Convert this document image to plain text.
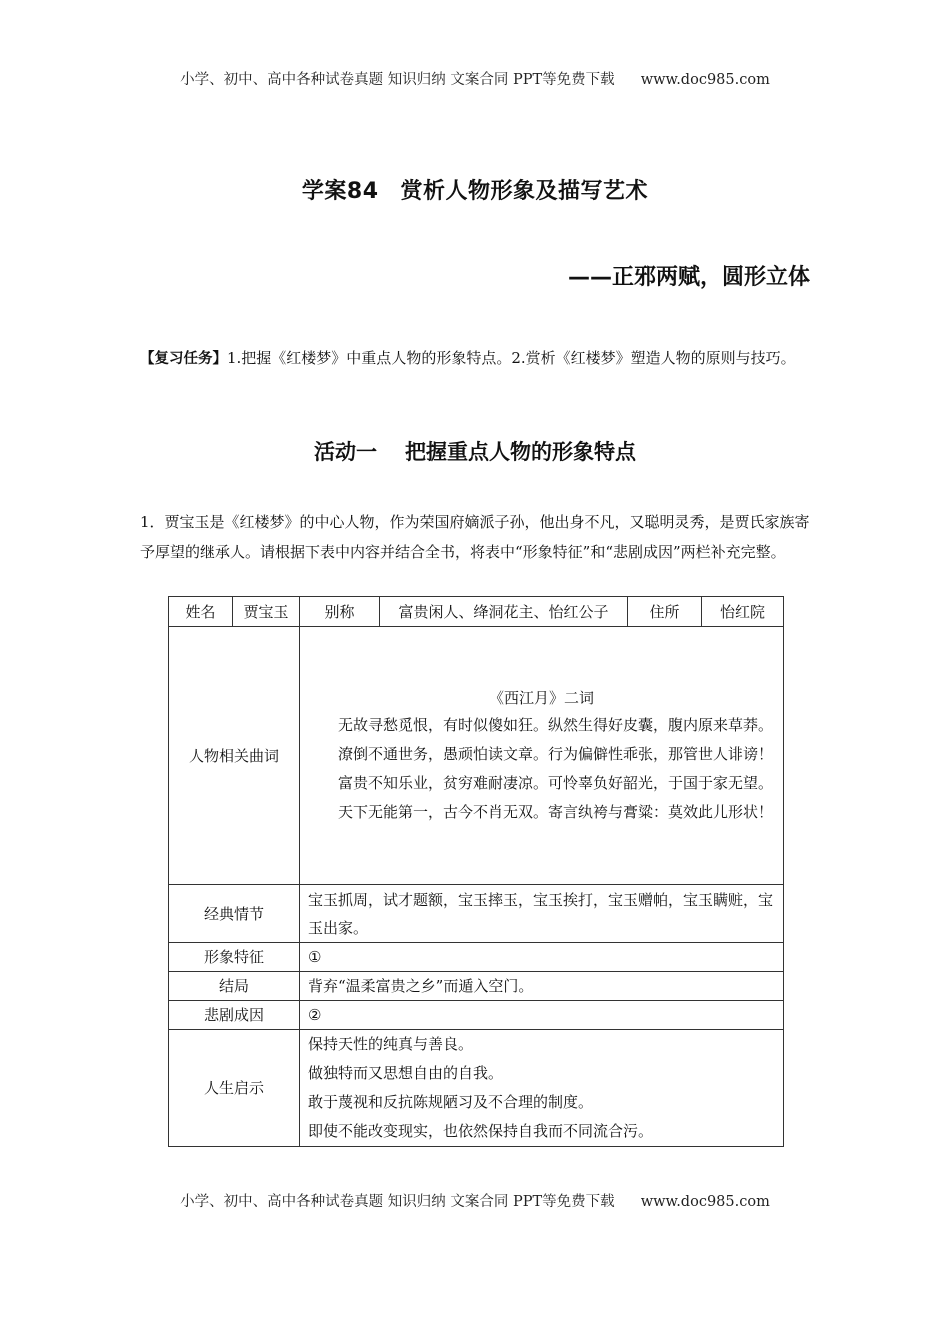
小学、初中、高中各种试卷真题 知识归纳 文案合同 PPT等免费下载 www.doc985.com
学案84 赏析人物形象及描写艺术
——正邪两赋，圆形立体
【复习任务】1.把握《红楼梦》中重点人物的形象特点。2.赏析《红楼梦》塑造人物的原则与技巧。
活动一 把握重点人物的形象特点
1．贾宝玉是《红楼梦》的中心人物，作为荣国府嫡派子孙，他出身不凡，又聪明灵秀，是贾氏家族寄予厚望的继承人。请根据下表中内容并结合全书，将表中“形象特征”和“悲剧成因”两栏补充完整。
姓名	贾宝玉	别称	富贵闲人、绛洞花主、怡红公子	住所	怡红院
人物相关曲词		《西江月》二词
无故寻愁觅恨，有时似傻如狂。纵然生得好皮囊，腹内原来草莽。
潦倒不通世务，愚顽怕读文章。行为偏僻性乖张，那管世人诽谤！
富贵不知乐业，贫穷难耐凄凉。可怜辜负好韶光，于国于家无望。
天下无能第一，古今不肖无双。寄言纨袴与膏粱：莫效此儿形状！			

经典情节		宝玉抓周，试才题额，宝玉摔玉，宝玉挨打，宝玉赠帕，宝玉瞒赃，宝玉出家。			
形象特征		①			
结局		背弃“温柔富贵之乡”而遁入空门。			
悲剧成因		②			
人生启示		保持天性的纯真与善良。
做独特而又思想自由的自我。
敢于蔑视和反抗陈规陋习及不合理的制度。
即使不能改变现实，也依然保持自我而不同流合污。			
小学、初中、高中各种试卷真题 知识归纳 文案合同 PPT等免费下载 www.doc985.com
